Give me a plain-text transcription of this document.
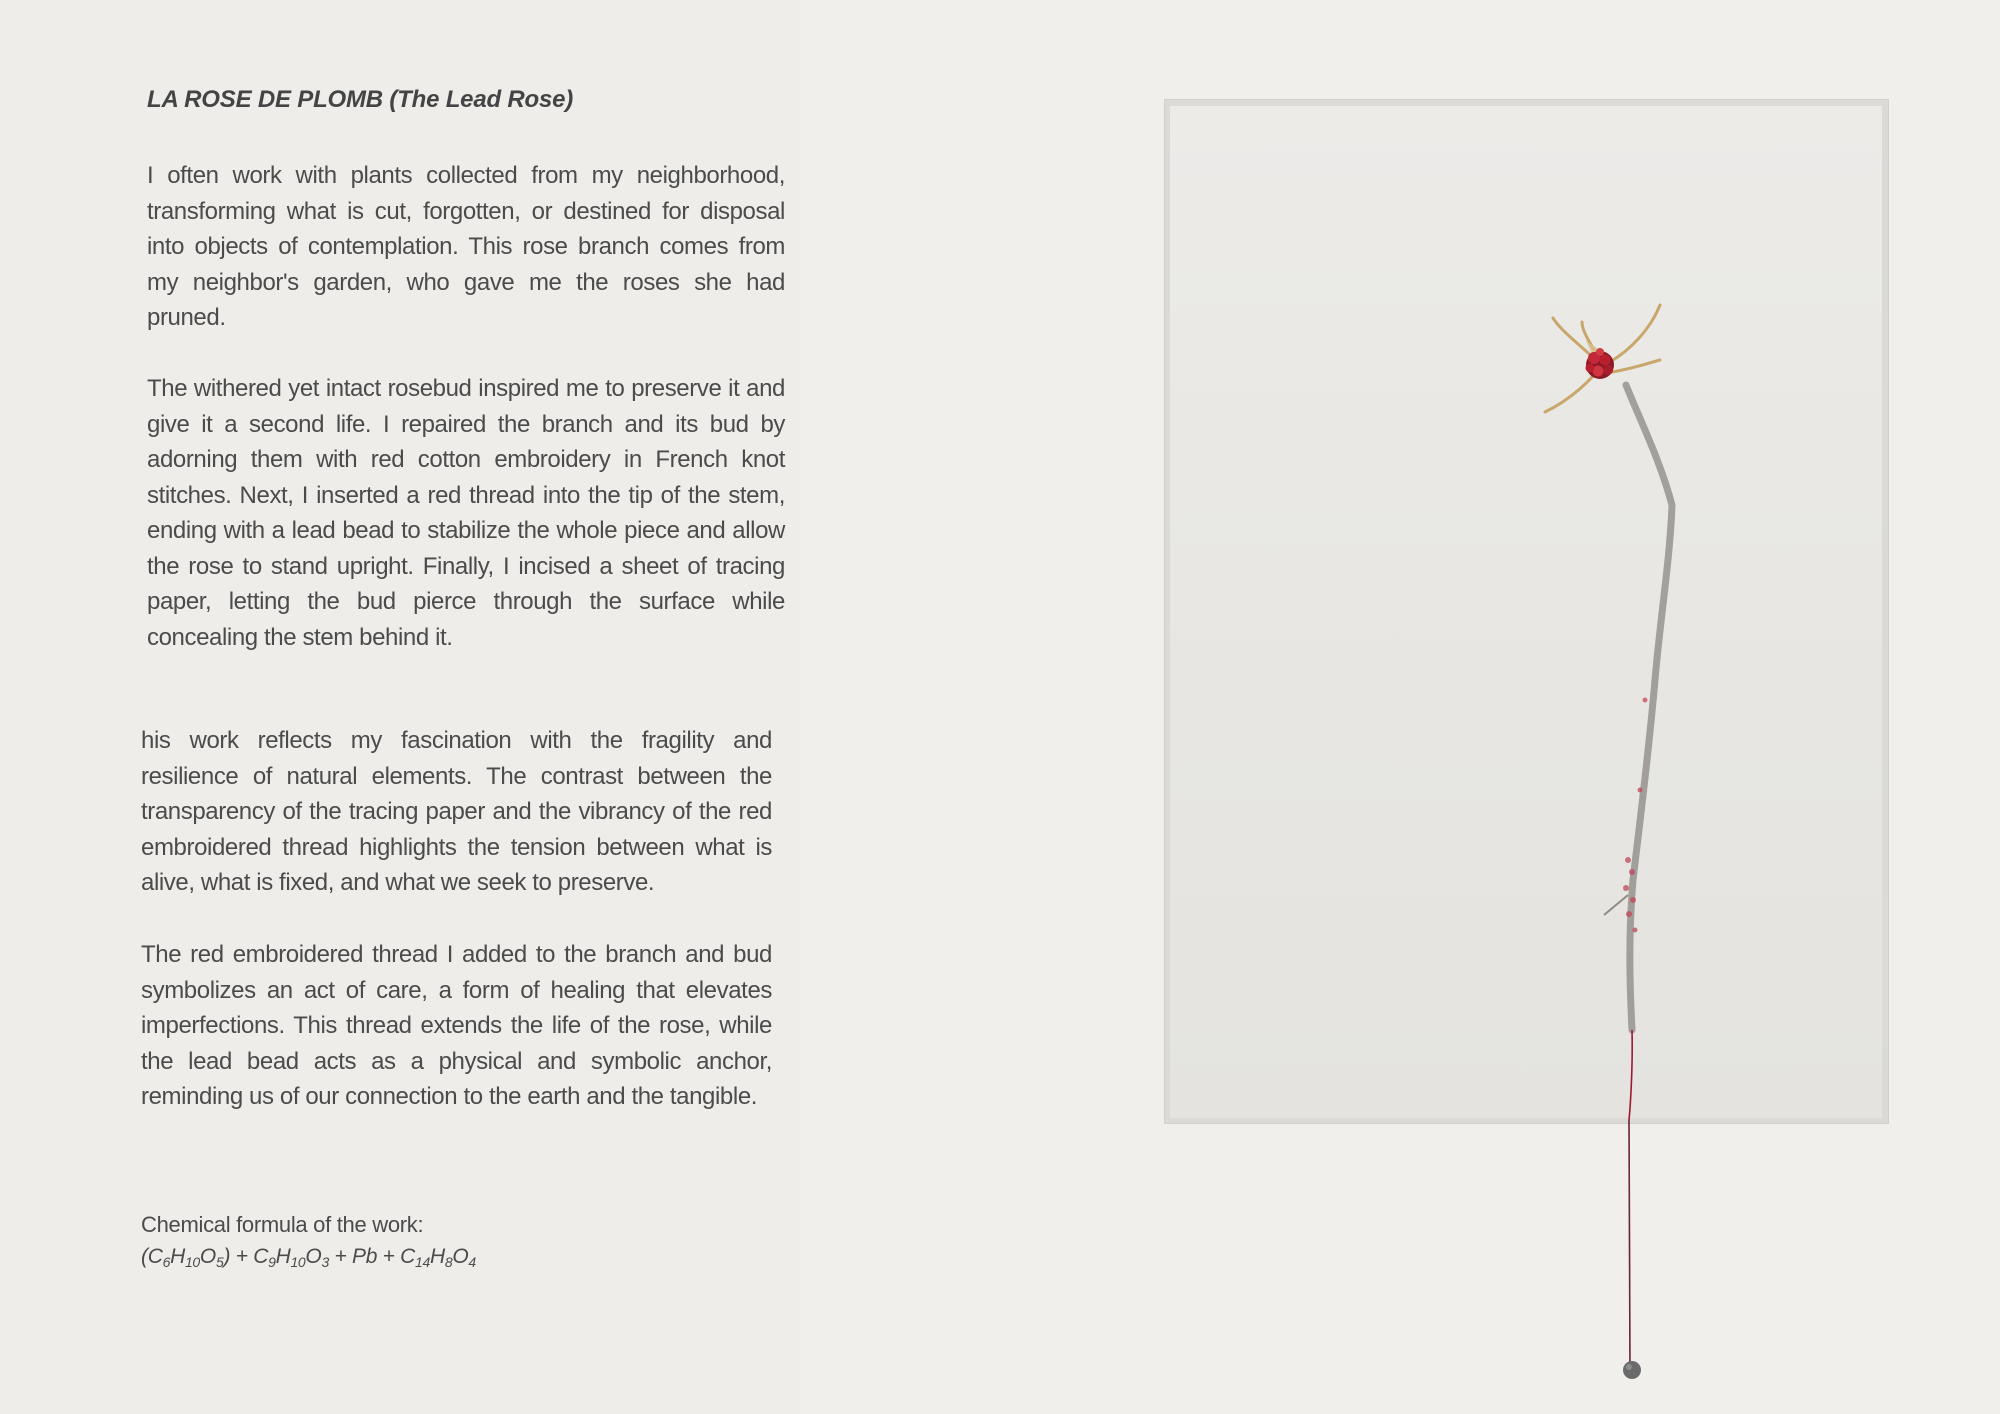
LA ROSE DE PLOMB (The Lead Rose)
I often work with plants collected from my neighborhood, transforming what is cut, forgotten, or destined for disposal into objects of contemplation. This rose branch comes from my neighbor's garden, who gave me the roses she had pruned.
The withered yet intact rosebud inspired me to preserve it and give it a second life. I repaired the branch and its bud by adorning them with red cotton embroidery in French knot stitches. Next, I inserted a red thread into the tip of the stem, ending with a lead bead to stabilize the whole piece and allow the rose to stand upright. Finally, I incised a sheet of tracing paper, letting the bud pierce through the surface while concealing the stem behind it.
his work reflects my fascination with the fragility and resilience of natural elements. The contrast between the transparency of the tracing paper and the vibrancy of the red embroidered thread highlights the tension between what is alive, what is fixed, and what we seek to preserve.
The red embroidered thread I added to the branch and bud symbolizes an act of care, a form of healing that elevates imperfections. This thread extends the life of the rose, while the lead bead acts as a physical and symbolic anchor, reminding us of our connection to the earth and the tangible.
Chemical formula of the work:
$(C_6H_{10}O_5) + C_9H_{10}O_3 + Pb + C_{14}H_8O_4$
